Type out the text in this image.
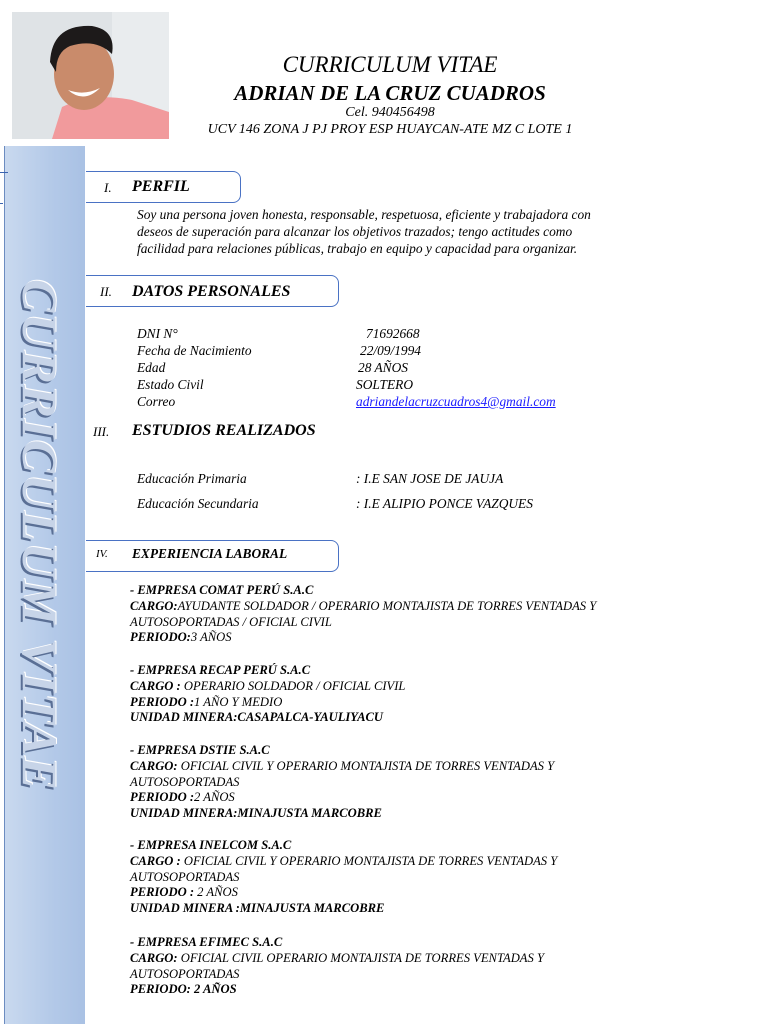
CURRICULUM VITAE
CURRICULUM VITAE
ADRIAN DE LA CRUZ CUADROS
Cel. 940456498
UCV 146 ZONA J PJ PROY ESP HUAYCAN-ATE MZ C LOTE 1
I. PERFIL
Soy una persona joven honesta, responsable, respetuosa, eficiente y trabajadora con
deseos de superación para alcanzar los objetivos trazados; tengo actitudes como
facilidad para relaciones públicas, trabajo en equipo y capacidad para organizar.
II. DATOS PERSONALES
DNI N°	71692668
Fecha de Nacimiento	22/09/1994
Edad	28 AÑOS
Estado Civil	SOLTERO
Correo	adriandelacruzcuadros4@gmail.com
III. ESTUDIOS REALIZADOS
Educación Primaria	: I.E SAN JOSE DE JAUJA
Educación Secundaria	: I.E ALIPIO PONCE VAZQUES
IV. EXPERIENCIA LABORAL
- EMPRESA COMAT PERÚ S.A.C
CARGO:AYUDANTE SOLDADOR / OPERARIO MONTAJISTA DE TORRES VENTADAS Y
AUTOSOPORTADAS / OFICIAL CIVIL
PERIODO:3 AÑOS
- EMPRESA RECAP PERÚ S.A.C
CARGO : OPERARIO SOLDADOR / OFICIAL CIVIL
PERIODO :1 AÑO Y MEDIO
UNIDAD MINERA:CASAPALCA-YAULIYACU
- EMPRESA DSTIE S.A.C
CARGO: OFICIAL CIVIL Y OPERARIO MONTAJISTA DE TORRES VENTADAS Y
AUTOSOPORTADAS
PERIODO :2 AÑOS
UNIDAD MINERA:MINAJUSTA MARCOBRE
- EMPRESA INELCOM S.A.C
CARGO : OFICIAL CIVIL Y OPERARIO MONTAJISTA DE TORRES VENTADAS Y
AUTOSOPORTADAS
PERIODO : 2 AÑOS
UNIDAD MINERA :MINAJUSTA MARCOBRE
- EMPRESA EFIMEC S.A.C
CARGO: OFICIAL CIVIL OPERARIO MONTAJISTA DE TORRES VENTADAS Y
AUTOSOPORTADAS
PERIODO: 2 AÑOS
